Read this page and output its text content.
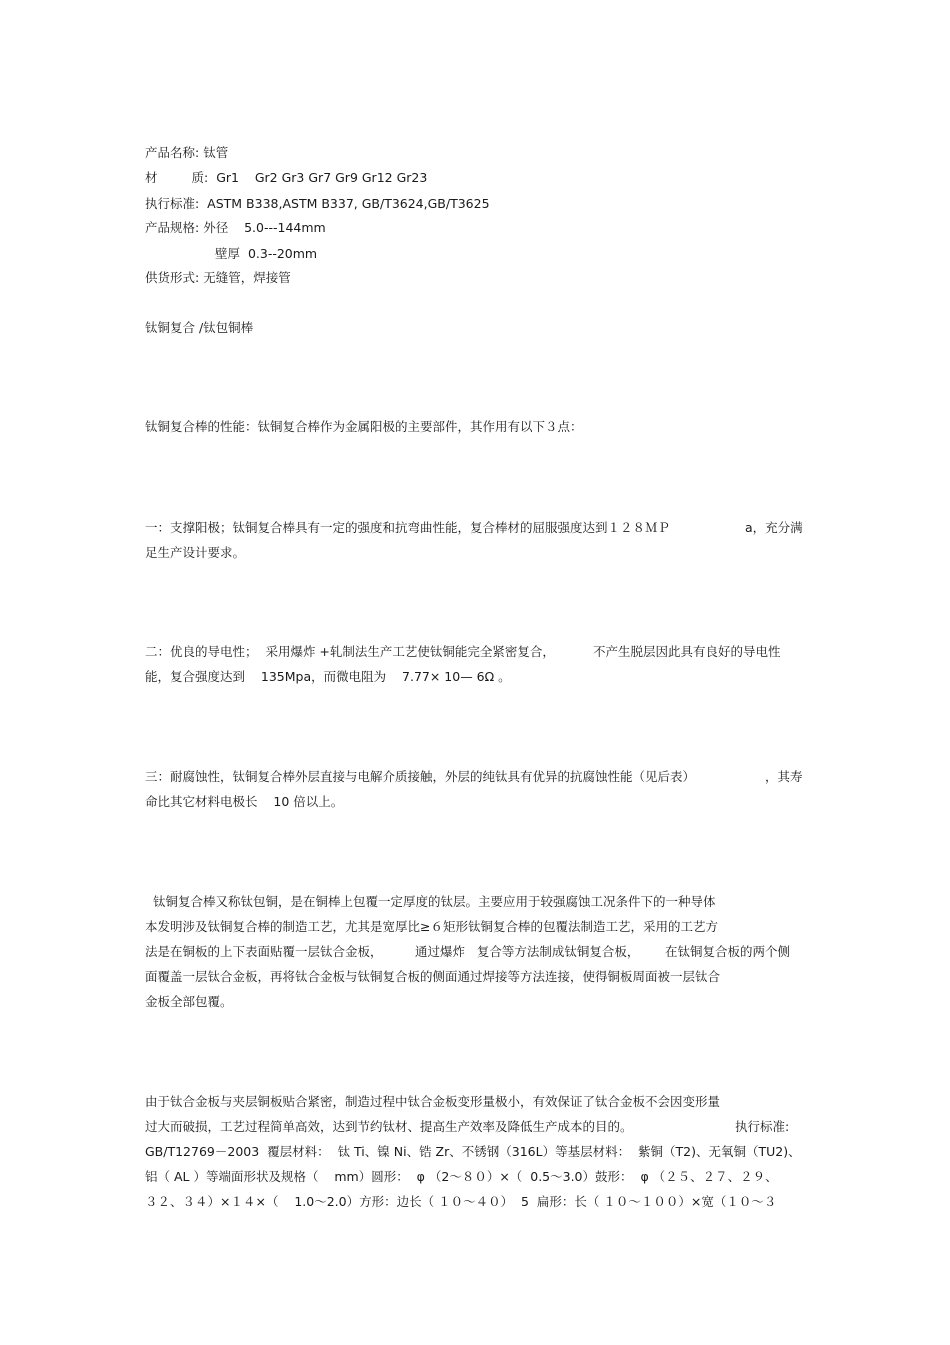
产品名称: 钛管
材	质: Gr1    Gr2 Gr3 Gr7 Gr9 Gr12 Gr23
执行标准: ASTM B338,ASTM B337, GB/T3624,GB/T3625
产品规格: 外径    5.0---144mm
壁厚  0.3--20mm
供货形式: 无缝管，焊接管
钛铜复合 /钛包铜棒
钛铜复合棒的性能：钛铜复合棒作为金属阳极的主要部件，其作用有以下３点：
一：支撑阳极；钛铜复合棒具有一定的强度和抗弯曲性能，复合棒材的屈服强度达到１２８ＭＰ	a，充分满
足生产设计要求。
二：优良的导电性；  采用爆炸 +轧制法生产工艺使钛铜能完全紧密复合，	不产生脱层因此具有良好的导电性
能，复合强度达到    135Mpa，而微电阻为    7.77× 10— 6Ω 。
三：耐腐蚀性，钛铜复合棒外层直接与电解介质接触，外层的纯钛具有优异的抗腐蚀性能（见后表）	，其寿
命比其它材料电极长    10 倍以上。
钛铜复合棒又称钛包铜，是在铜棒上包覆一定厚度的钛层。主要应用于较强腐蚀工况条件下的一种导体
本发明涉及钛铜复合棒的制造工艺，尤其是宽厚比≥６矩形钛铜复合棒的包覆法制造工艺，采用的工艺方
法是在铜板的上下表面贴覆一层钛合金板，	通过爆炸   复合等方法制成钛铜复合板， 在钛铜复合板的两个侧
面覆盖一层钛合金板，再将钛合金板与钛铜复合板的侧面通过焊接等方法连接，使得铜板周面被一层钛合
金板全部包覆。
由于钛合金板与夹层铜板贴合紧密，制造过程中钛合金板变形量极小，有效保证了钛合金板不会因变形量
过大而破损，工艺过程简单高效，达到节约钛材、提高生产效率及降低生产成本的目的。	执行标准:
GB/T12769－2003  覆层材料：  钛 Ti、镍 Ni、锆 Zr、不锈钢（316L）等基层材料：  紫铜（T2)、无氧铜（TU2)、
铝（ AL ）等端面形状及规格（    mm）圆形：  φ （2～８０）×（  0.5～3.0）鼓形：  φ （２５、２７、２９、
３２、３４）×１４×（    1.0～2.0）方形：边长（ １０～４０）  5  扁形：长（ １０～１００）×宽（１０～３
